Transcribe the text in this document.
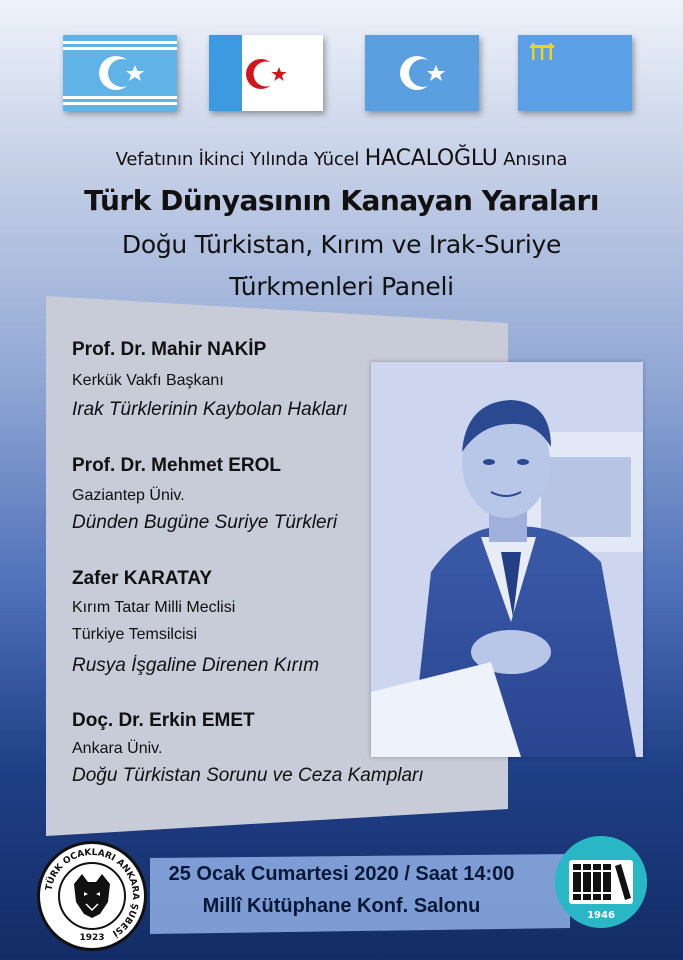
Vefatının İkinci Yılında Yücel HACALOĞLU Anısına
Türk Dünyasının Kanayan Yaraları
Doğu Türkistan, Kırım ve Irak-Suriye
Türkmenleri Paneli
Prof. Dr. Mahir NAKİP
Kerkük Vakfı Başkanı
Irak Türklerinin Kaybolan Hakları
Prof. Dr. Mehmet EROL
Gaziantep Üniv.
Dünden Bugüne Suriye Türkleri
Zafer KARATAY
Kırım Tatar Milli Meclisi
Türkiye Temsilcisi
Rusya İşgaline Direnen Kırım
Doç. Dr. Erkin EMET
Ankara Üniv.
Doğu Türkistan Sorunu ve Ceza Kampları
25 Ocak Cumartesi 2020 / Saat 14:00
Millî Kütüphane Konf. Salonu
TÜRK OCAKLARI ANKARA ŞUBESİ
1923
1946
